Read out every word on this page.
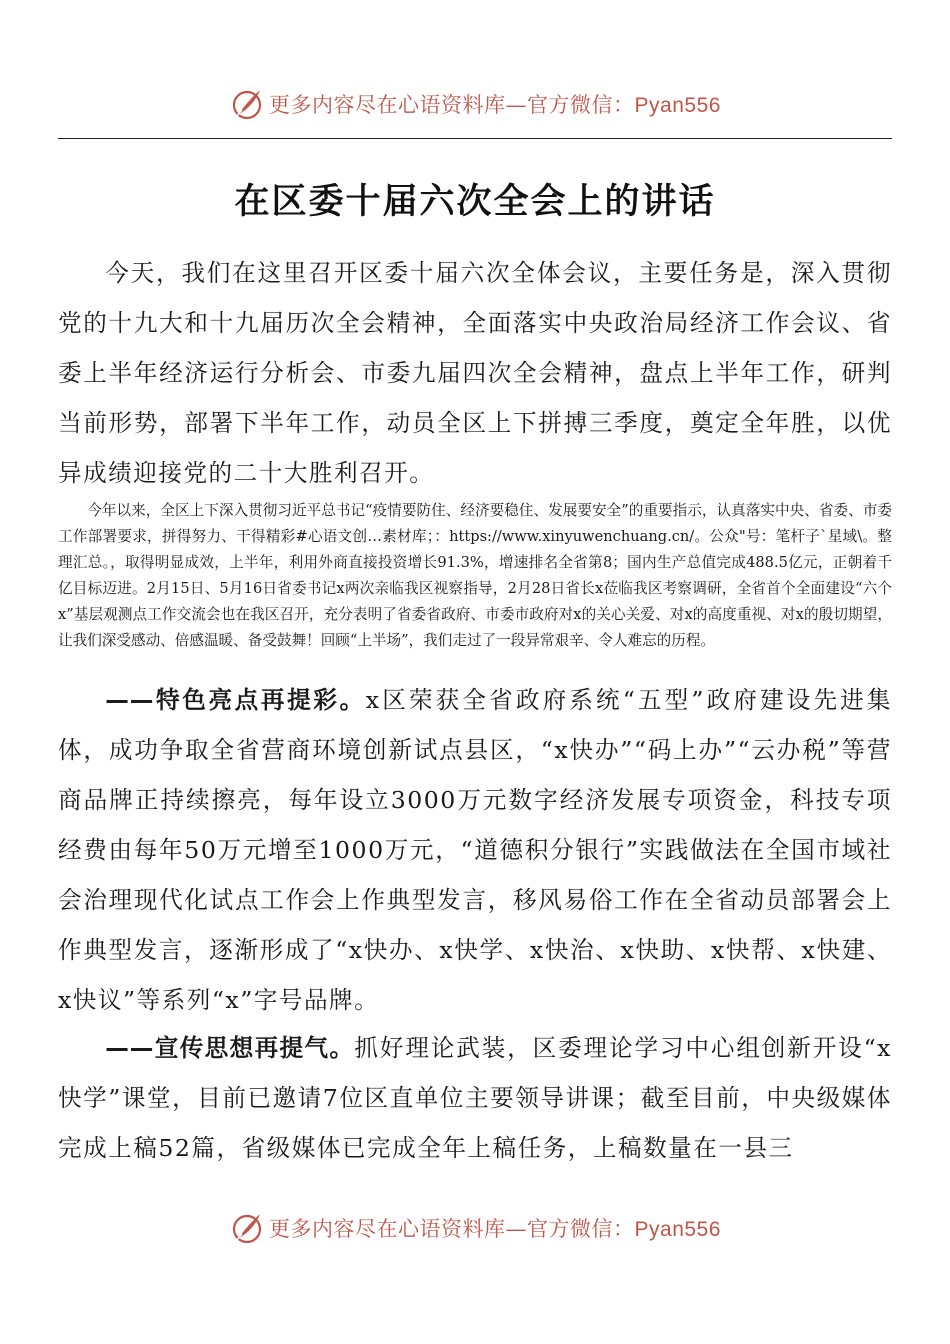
更多内容尽在心语资料库—官方微信：Pyan556
在区委十届六次全会上的讲话

今天，我们在这里召开区委十届六次全体会议，主要任务是，深入贯彻党的十九大和十九届历次全会精神，全面落实中央政治局经济工作会议、省委上半年经济运行分析会、市委九届四次全会精神，盘点上半年工作，研判当前形势，部署下半年工作，动员全区上下拼搏三季度，奠定全年胜，以优异成绩迎接党的二十大胜利召开。

今年以来，全区上下深入贯彻习近平总书记“疫情要防住、经济要稳住、发展要安全”的重要指示，认真落实中央、省委、市委工作部署要求，拼得努力、干得精彩#心语文创…素材库；：https://www.xinyuwenchuang.cn/。公众"号：笔杆子`星域\。整理汇总。，取得明显成效，上半年，利用外商直接投资增长91.3%，增速排名全省第8；国内生产总值完成488.5亿元，正朝着千亿目标迈进。2月15日、5月16日省委书记x两次亲临我区视察指导，2月28日省长x莅临我区考察调研，全省首个全面建设“六个x”基层观测点工作交流会也在我区召开，充分表明了省委省政府、市委市政府对x的关心关爱、对x的高度重视、对x的殷切期望，让我们深受感动、倍感温暖、备受鼓舞！回顾“上半场”，我们走过了一段异常艰辛、令人难忘的历程。

——特色亮点再提彩。x区荣获全省政府系统“五型”政府建设先进集体，成功争取全省营商环境创新试点县区，“x快办”“码上办”“云办税”等营商品牌正持续擦亮，每年设立3000万元数字经济发展专项资金，科技专项经费由每年50万元增至1000万元，“道德积分银行”实践做法在全国市域社会治理现代化试点工作会上作典型发言，移风易俗工作在全省动员部署会上作典型发言，逐渐形成了“x快办、x快学、x快治、x快助、x快帮、x快建、x快议”等系列“x”字号品牌。

——宣传思想再提气。抓好理论武装，区委理论学习中心组创新开设“x快学”课堂，目前已邀请7位区直单位主要领导讲课；截至目前，中央级媒体完成上稿52篇，省级媒体已完成全年上稿任务，上稿数量在一县三

更多内容尽在心语资料库—官方微信：Pyan556
